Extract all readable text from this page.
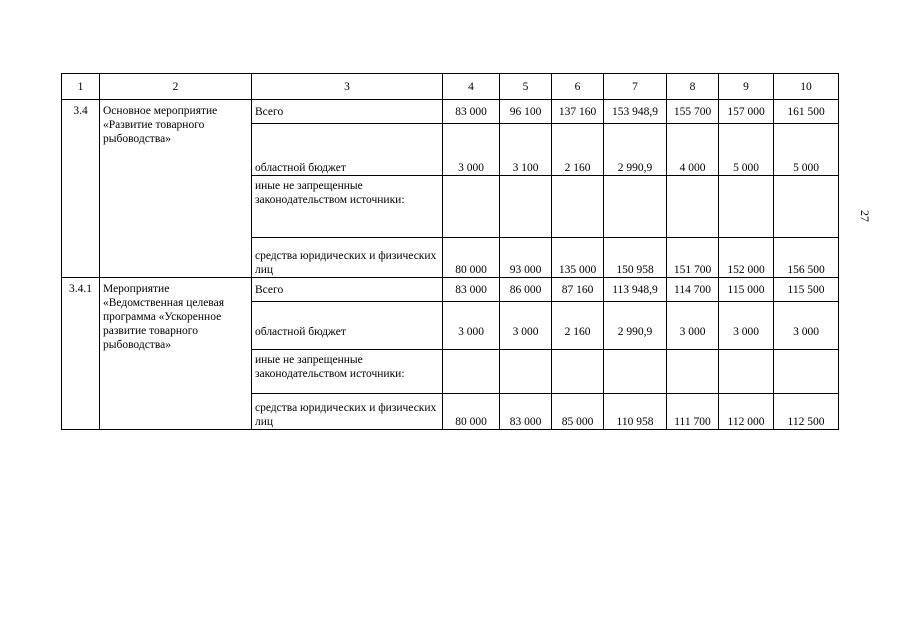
27
1	2	3	4	5	6	7	8	9	10
3.4	Основное мероприятие «Развитие товарного рыбоводства»	Всего	83 000	96 100	137 160	153 948,9	155 700	157 000	161 500
		областной бюджет	3 000	3 100	2 160	2 990,9	4 000	5 000	5 000
		иные не запрещенные законодательством источники:							
		средства юридических и физических лиц	80 000	93 000	135 000	150 958	151 700	152 000	156 500
3.4.1	Мероприятие «Ведомственная целевая программа «Ускоренное развитие товарного рыбоводства»	Всего	83 000	86 000	87 160	113 948,9	114 700	115 000	115 500
		областной бюджет	3 000	3 000	2 160	2 990,9	3 000	3 000	3 000
		иные не запрещенные законодательством источники:							
		средства юридических и физических лиц	80 000	83 000	85 000	110 958	111 700	112 000	112 500
